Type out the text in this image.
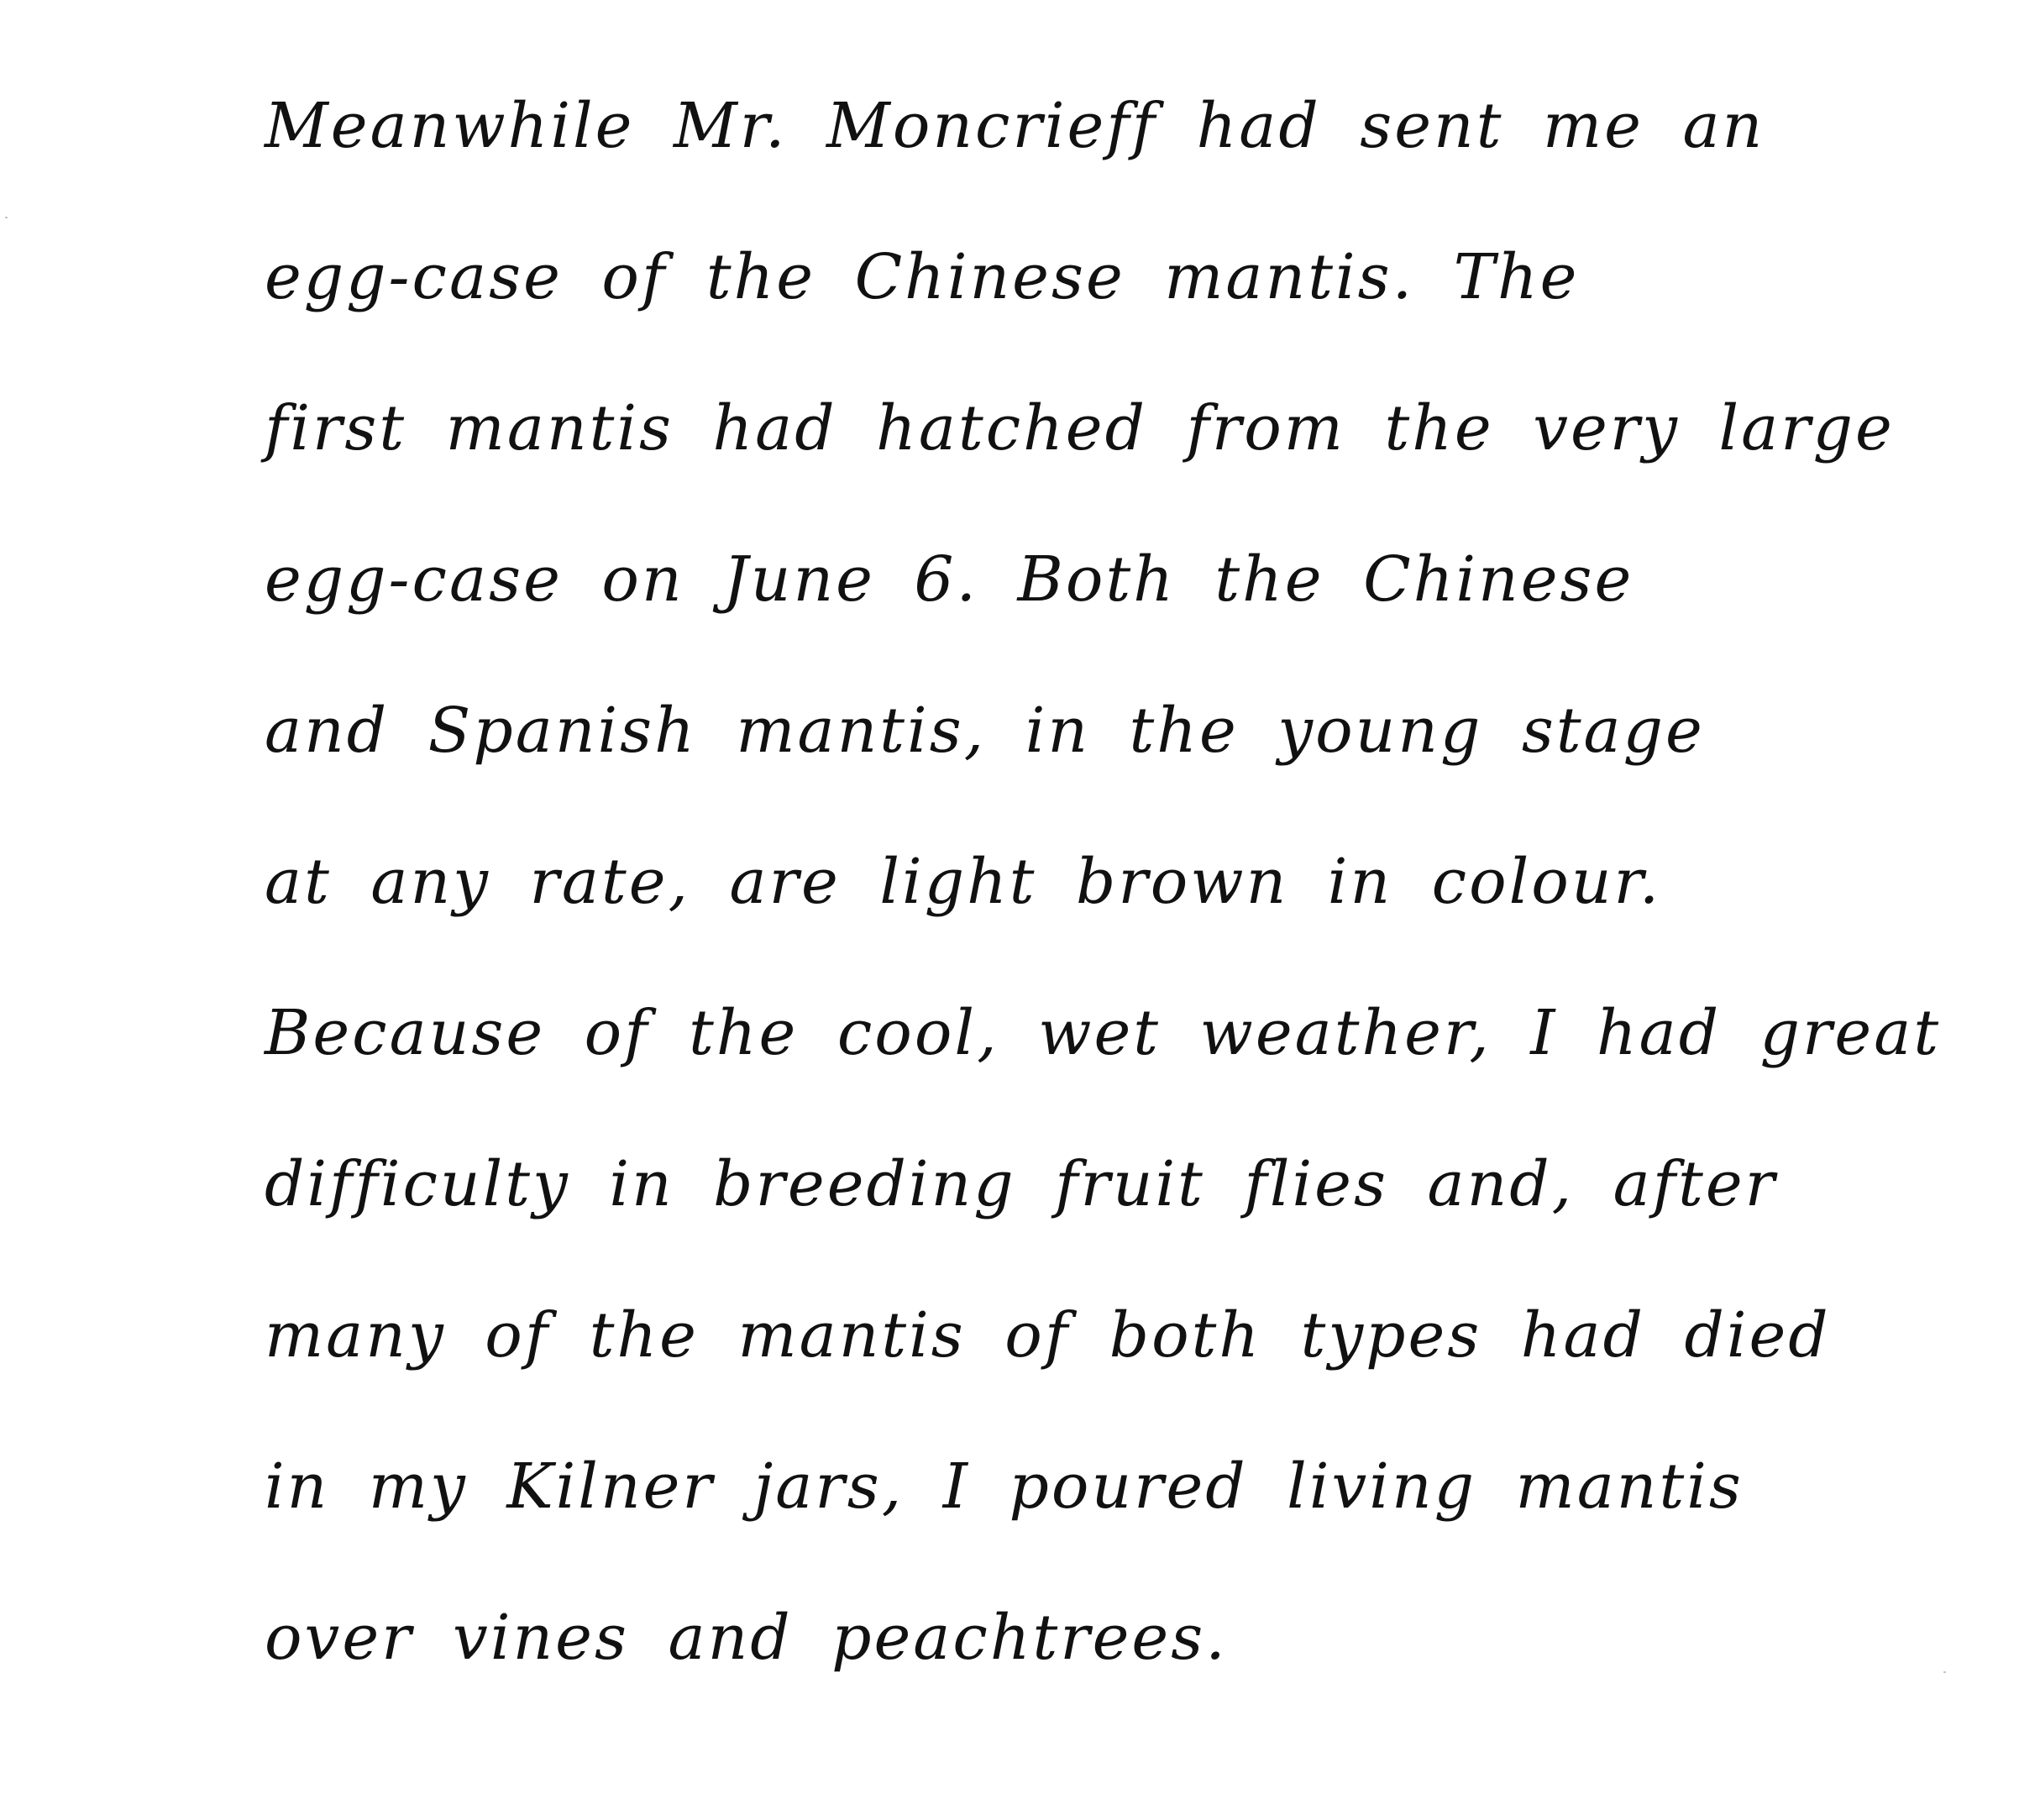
Meanwhile Mr. Moncrieff had sent me an
egg-case of the Chinese mantis. The
first mantis had hatched from the very large
egg-case on June 6. Both the Chinese
and Spanish mantis, in the young stage
at any rate, are light brown in colour.
Because of the cool, wet weather, I had great
difficulty in breeding fruit flies and, after
many of the mantis of both types had died
in my Kilner jars, I poured living mantis
over vines and peachtrees.
